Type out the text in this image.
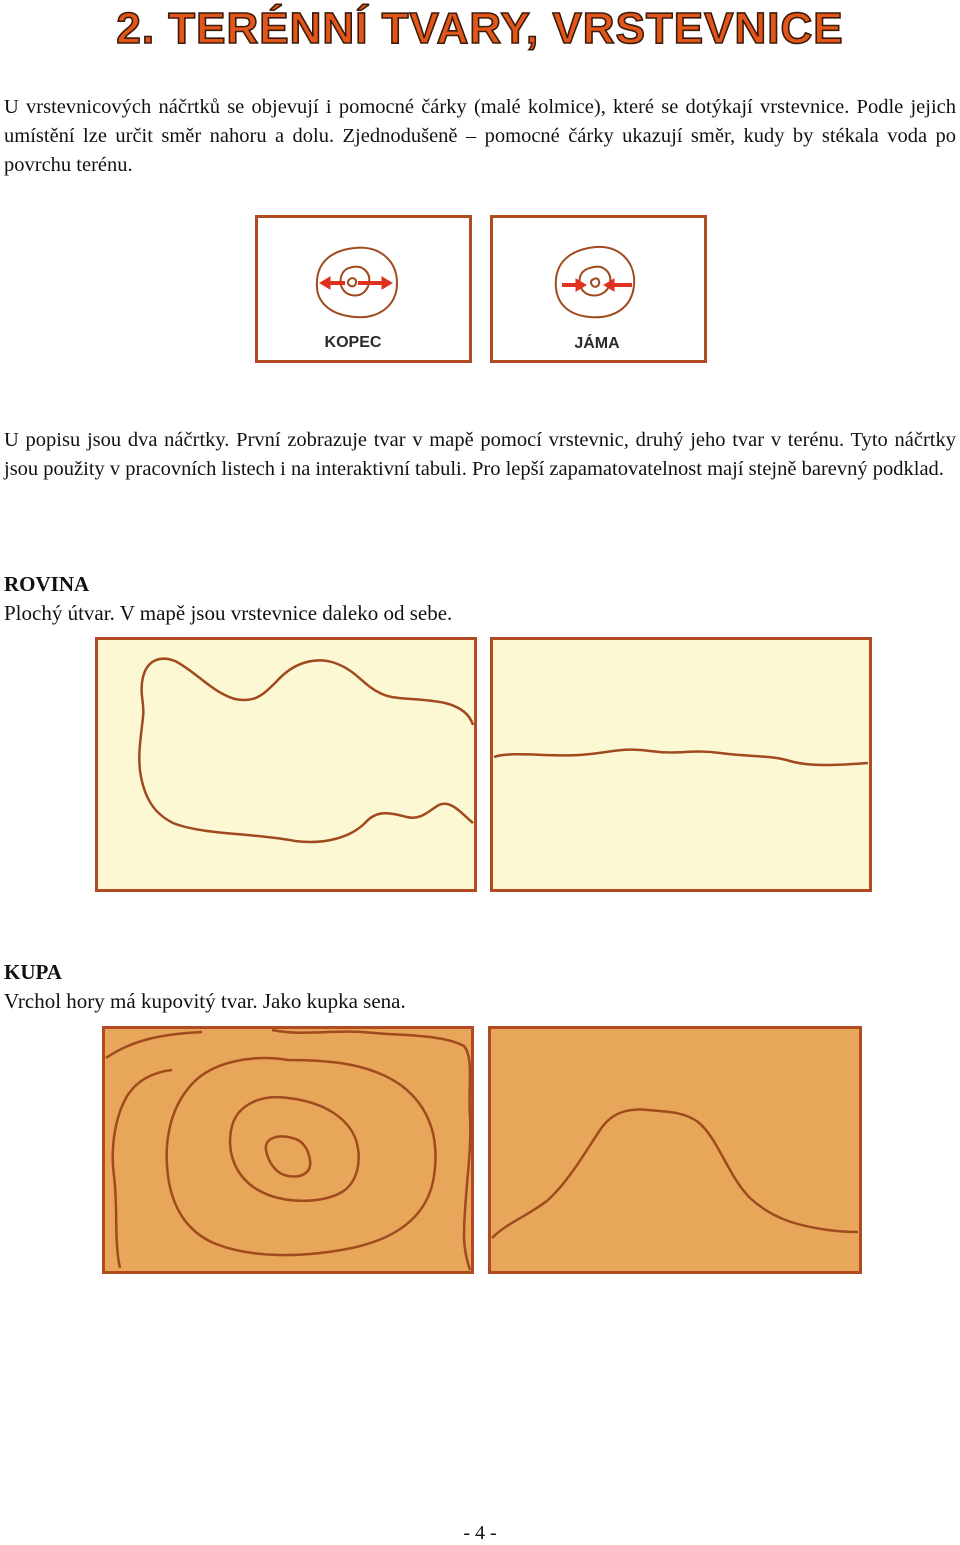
2. TERÉNNÍ TVARY, VRSTEVNICE
U vrstevnicových náčrtků se objevují i pomocné čárky (malé kolmice), které se dotýkají vrstevnice. Podle jejich umístění lze určit směr nahoru a dolu. Zjednodušeně – pomocné čárky ukazují směr, kudy by stékala voda po povrchu terénu.
KOPEC	JÁMA
U popisu jsou dva náčrtky. První zobrazuje tvar v mapě pomocí vrstevnic, druhý jeho tvar v terénu. Tyto náčrtky jsou použity v pracovních listech i na interaktivní tabuli. Pro lepší zapamatovatelnost mají stejně barevný podklad.
ROVINA
Plochý útvar. V mapě jsou vrstevnice daleko od sebe.
KUPA
Vrchol hory má kupovitý tvar. Jako kupka sena.
- 4 -
